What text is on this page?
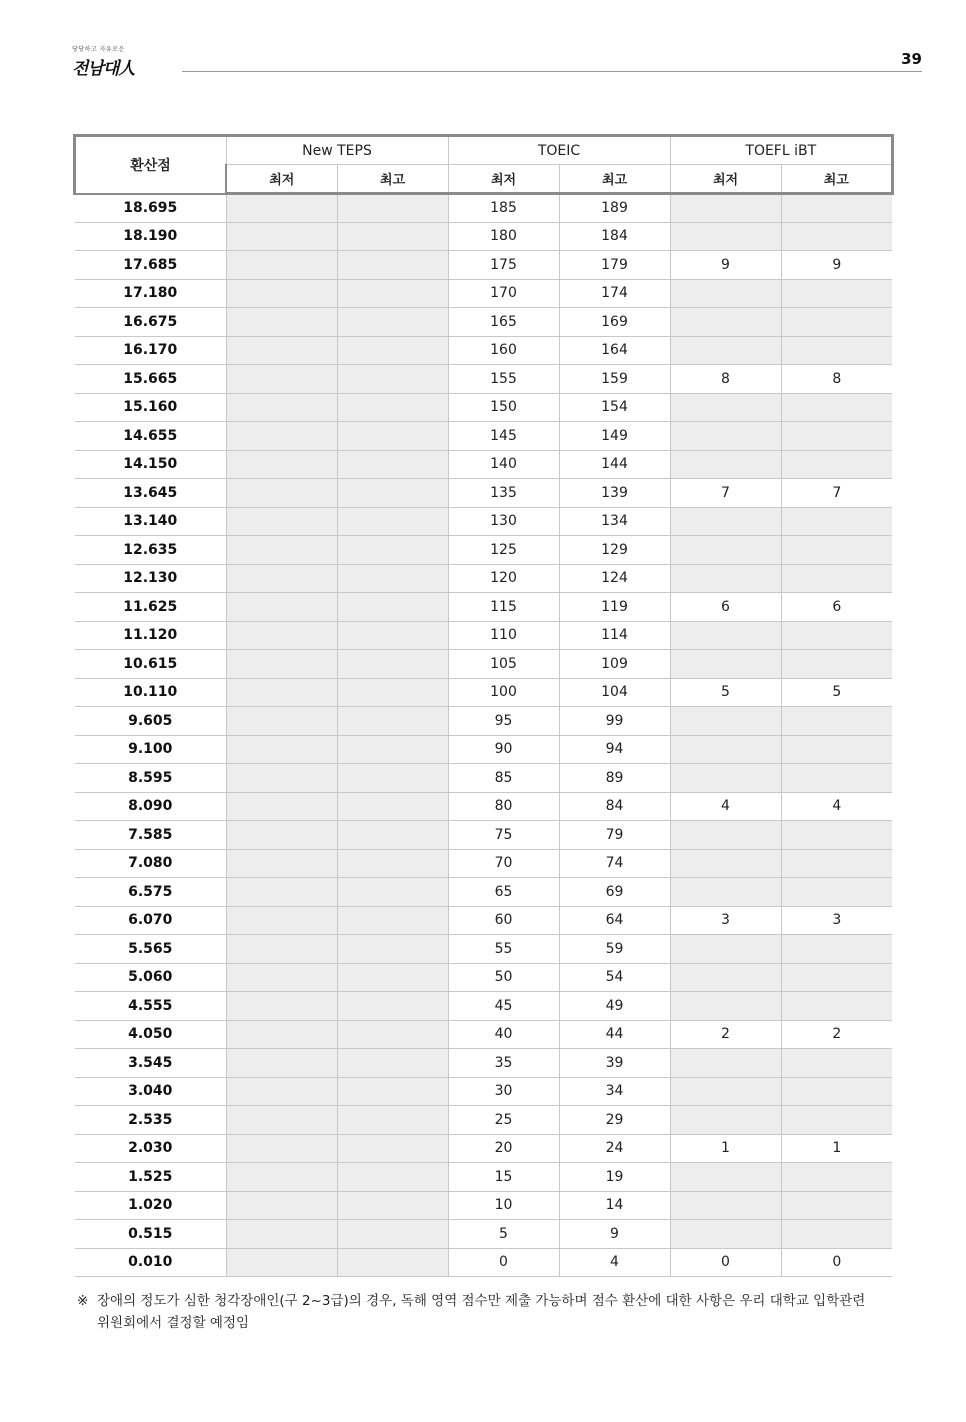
당당하고 자유로운
전남대人	39
환산점	New TEPS		TOEIC		TOEFL iBT	
	최저	최고	최저	최고	최저	최고
18.695			185	189		
18.190			180	184		
17.685			175	179	9	9
17.180			170	174		
16.675			165	169		
16.170			160	164		
15.665			155	159	8	8
15.160			150	154		
14.655			145	149		
14.150			140	144		
13.645			135	139	7	7
13.140			130	134		
12.635			125	129		
12.130			120	124		
11.625			115	119	6	6
11.120			110	114		
10.615			105	109		
10.110			100	104	5	5
9.605			95	99		
9.100			90	94		
8.595			85	89		
8.090			80	84	4	4
7.585			75	79		
7.080			70	74		
6.575			65	69		
6.070			60	64	3	3
5.565			55	59		
5.060			50	54		
4.555			45	49		
4.050			40	44	2	2
3.545			35	39		
3.040			30	34		
2.535			25	29		
2.030			20	24	1	1
1.525			15	19		
1.020			10	14		
0.515			5	9		
0.010			0	4	0	0
※ 장애의 정도가 심한 청각장애인(구 2~3급)의 경우, 독해 영역 점수만 제출 가능하며 점수 환산에 대한 사항은 우리 대학교 입학관련
위원회에서 결정할 예정임
